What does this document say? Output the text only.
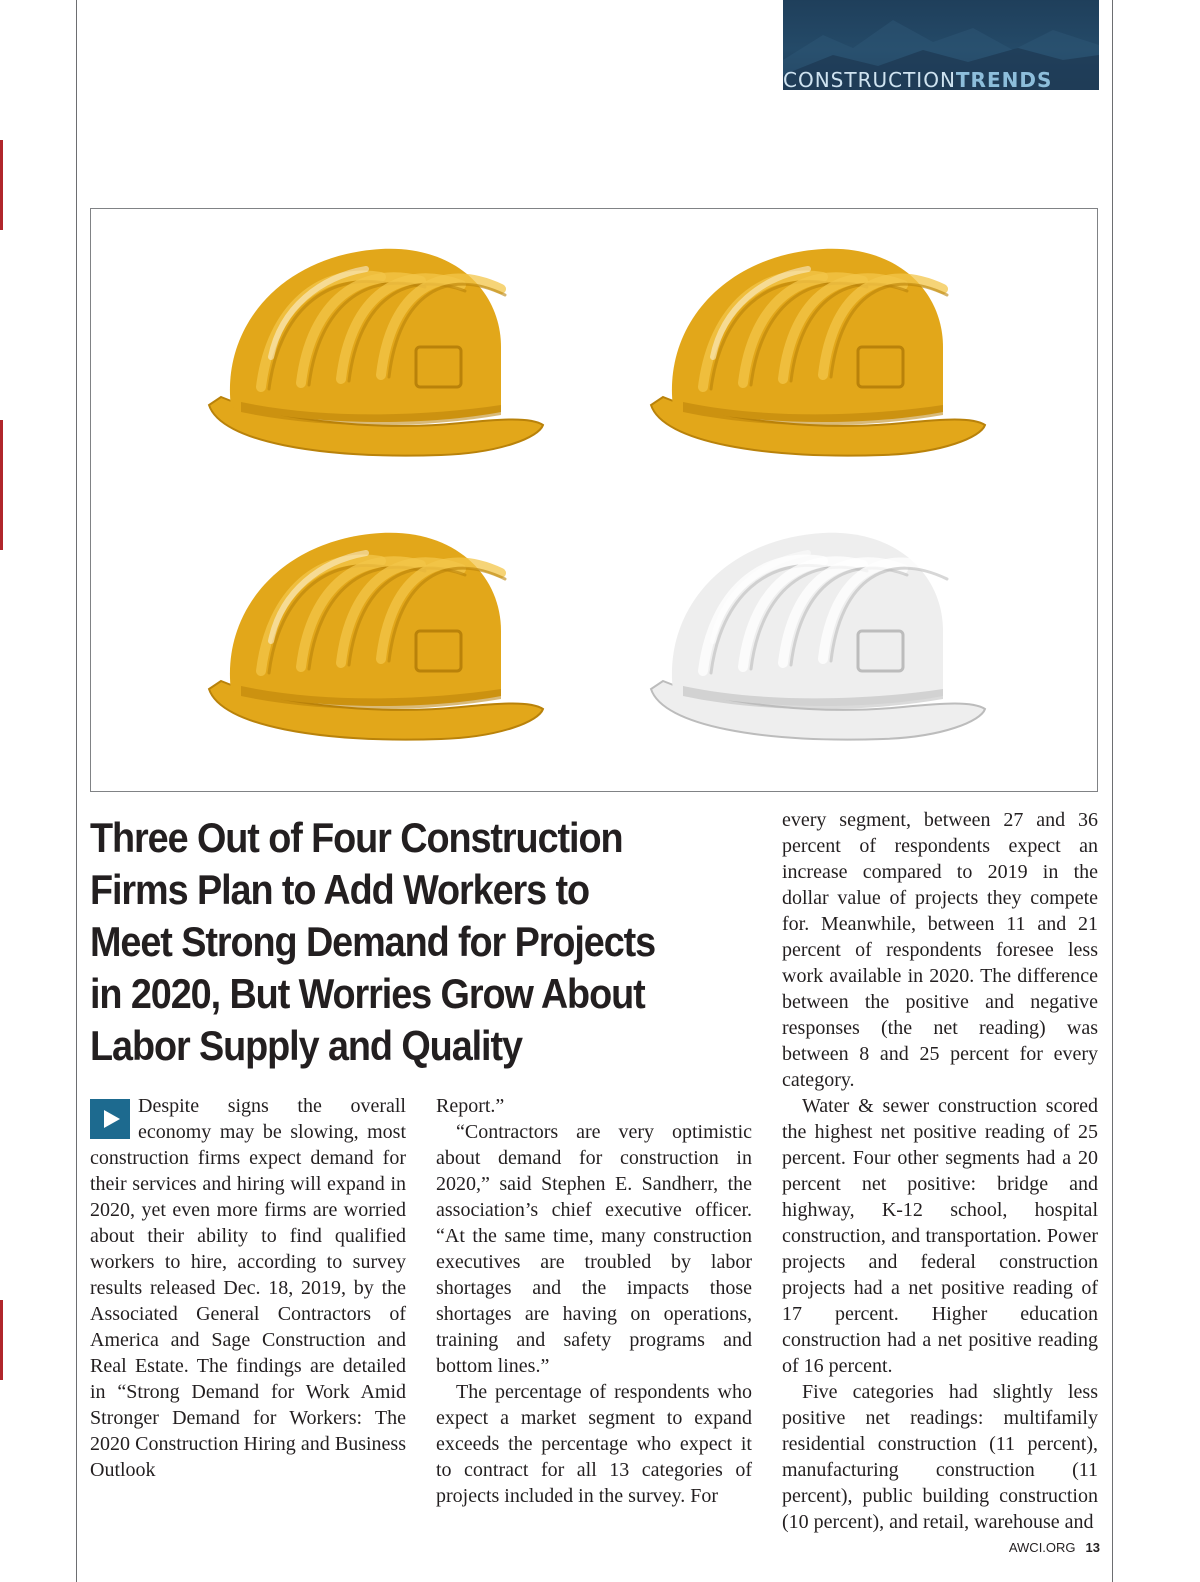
CONSTRUCTIONTRENDS
Three Out of Four Construction
Firms Plan to Add Workers to
Meet Strong Demand for Projects
in 2020, But Worries Grow About
Labor Supply and Quality

Despite signs the overall economy may be slowing, most construction firms expect demand for their services and hiring will expand in 2020, yet even more firms are worried about their ability to find qualified workers to hire, according to survey results released Dec. 18, 2019, by the Associated General Contractors of America and Sage Construction and Real Estate. The findings are detailed in “Strong Demand for Work Amid Stronger Demand for Workers: The 2020 Construction Hiring and Business Outlook

Report.”

“Contractors are very optimistic about demand for construction in 2020,” said Stephen E. Sandherr, the association’s chief executive officer. “At the same time, many construction executives are troubled by labor shortages and the impacts those shortages are having on operations, training and safety programs and bottom lines.”

The percentage of respondents who expect a market segment to expand exceeds the percentage who expect it to contract for all 13 categories of projects included in the survey. For

every segment, between 27 and 36 percent of respondents expect an increase compared to 2019 in the dollar value of projects they compete for. Meanwhile, between 11 and 21 percent of respondents foresee less work available in 2020. The difference between the positive and negative responses (the net reading) was between 8 and 25 percent for every category.

Water & sewer construction scored the highest net positive reading of 25 percent. Four other segments had a 20 percent net positive: bridge and highway, K-12 school, hospital construction, and transportation. Power projects and federal construction projects had a net positive reading of 17 percent. Higher education construction had a net positive reading of 16 percent.

Five categories had slightly less positive net readings: multifamily residential construction (11 percent), manufacturing construction (11 percent), public building construction (10 percent), and retail, warehouse and

AWCI.ORG 13
